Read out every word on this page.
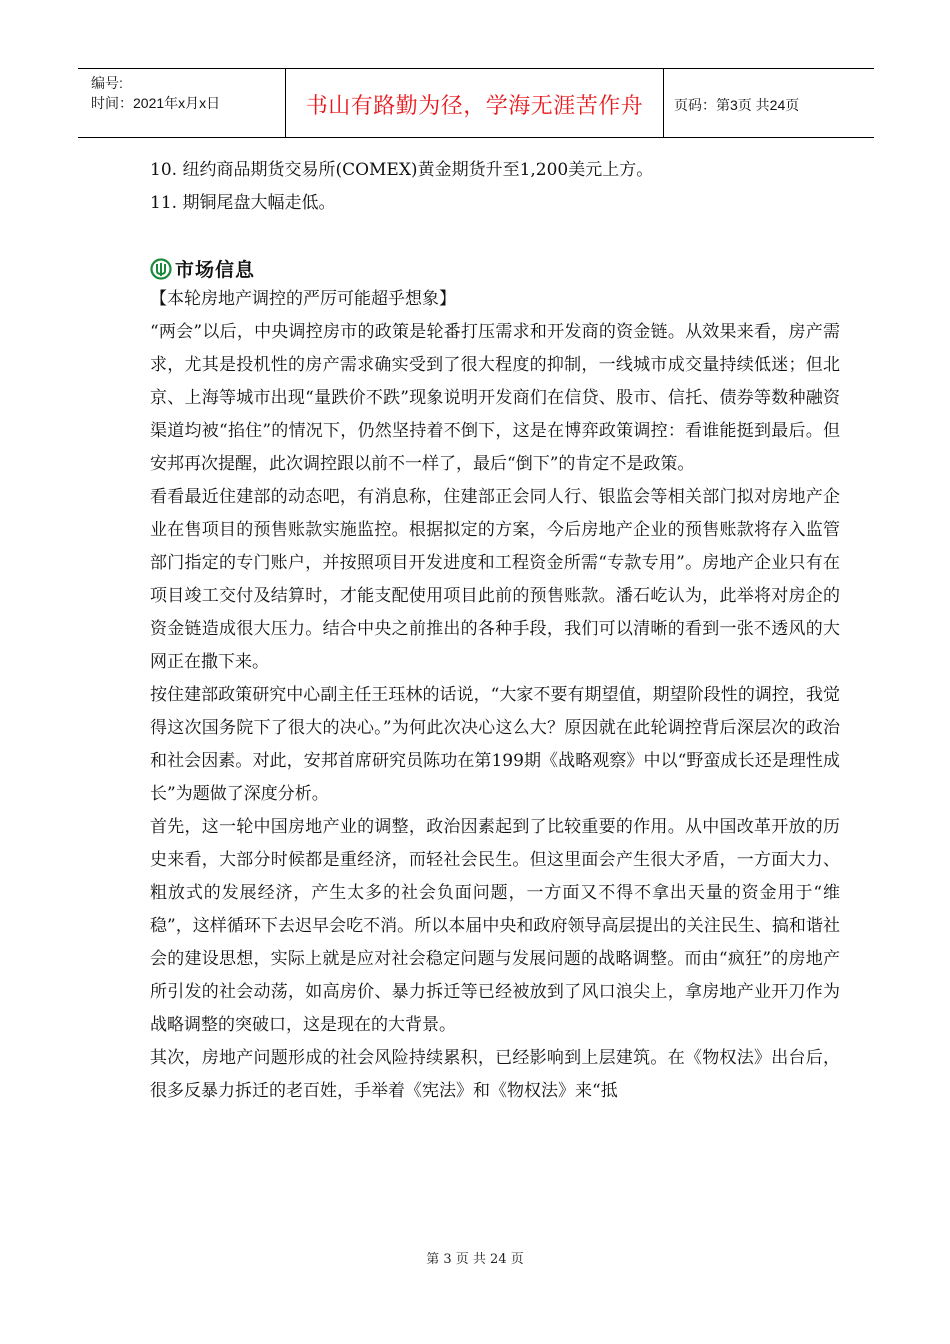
编号:
时间：2021年x月x日	书山有路勤为径，学海无涯苦作舟	页码：第3页 共24页

10. 纽约商品期货交易所(COMEX)黄金期货升至1,200美元上方。

11. 期铜尾盘大幅走低。

市场信息

【本轮房地产调控的严厉可能超乎想象】

“两会”以后，中央调控房市的政策是轮番打压需求和开发商的资金链。从效果来看，房产需求，尤其是投机性的房产需求确实受到了很大程度的抑制，一线城市成交量持续低迷；但北京、上海等城市出现“量跌价不跌”现象说明开发商们在信贷、股市、信托、债券等数种融资渠道均被“掐住”的情况下，仍然坚持着不倒下，这是在博弈政策调控：看谁能挺到最后。但安邦再次提醒，此次调控跟以前不一样了，最后“倒下”的肯定不是政策。

看看最近住建部的动态吧，有消息称，住建部正会同人行、银监会等相关部门拟对房地产企业在售项目的预售账款实施监控。根据拟定的方案，今后房地产企业的预售账款将存入监管部门指定的专门账户，并按照项目开发进度和工程资金所需“专款专用”。房地产企业只有在项目竣工交付及结算时，才能支配使用项目此前的预售账款。潘石屹认为，此举将对房企的资金链造成很大压力。结合中央之前推出的各种手段，我们可以清晰的看到一张不透风的大网正在撒下来。

按住建部政策研究中心副主任王珏林的话说，“大家不要有期望值，期望阶段性的调控，我觉得这次国务院下了很大的决心。”为何此次决心这么大？原因就在此轮调控背后深层次的政治和社会因素。对此，安邦首席研究员陈功在第199期《战略观察》中以“野蛮成长还是理性成长”为题做了深度分析。

首先，这一轮中国房地产业的调整，政治因素起到了比较重要的作用。从中国改革开放的历史来看，大部分时候都是重经济，而轻社会民生。但这里面会产生很大矛盾，一方面大力、粗放式的发展经济，产生太多的社会负面问题，一方面又不得不拿出天量的资金用于“维稳”，这样循环下去迟早会吃不消。所以本届中央和政府领导高层提出的关注民生、搞和谐社会的建设思想，实际上就是应对社会稳定问题与发展问题的战略调整。而由“疯狂”的房地产所引发的社会动荡，如高房价、暴力拆迁等已经被放到了风口浪尖上，拿房地产业开刀作为战略调整的突破口，这是现在的大背景。

其次，房地产问题形成的社会风险持续累积，已经影响到上层建筑。在《物权法》出台后，很多反暴力拆迁的老百姓，手举着《宪法》和《物权法》来“抵

第 3 页 共 24 页
